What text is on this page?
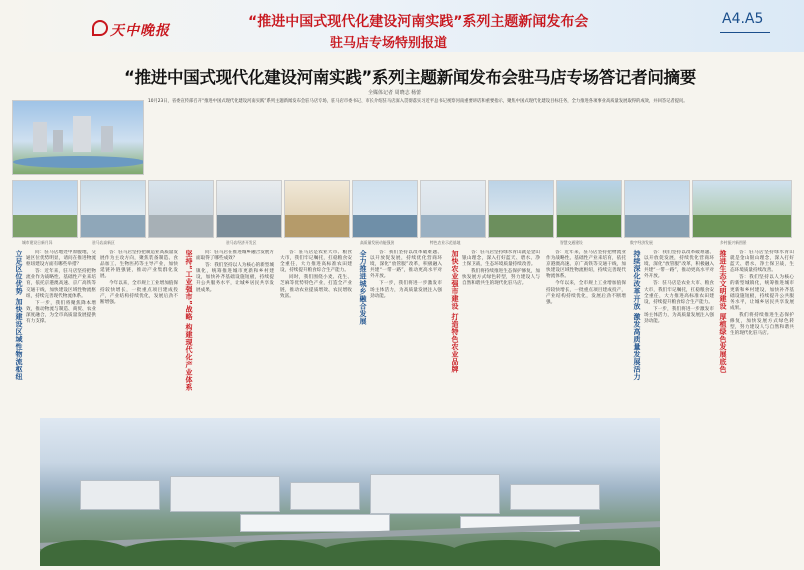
天中晚报
“推进中国式现代化建设河南实践”系列主题新闻发布会
驻马店专场特别报道
A4.A5
“推进中国式现代化建设河南实践”系列主题新闻发布会驻马店专场答记者问摘要
全媒体记者 周晓志 杨蕾
10月23日，省委宣传部召开“推进中国式现代化建设河南实践”系列主题新闻发布会驻马店专场，驻马店市委书记、市长介绍驻马店深入贯彻落实习近平总书记视察河南重要讲话和重要指示，聚焦中国式现代化建设目标任务，全力推进各项事业高质量发展取得的成效，并回答记者提问。
城市建设日新月异	驻马店高新区	驻马店经济开发区	高质量发展动能强劲	特色农业示范基地	智慧交通建设	数字经济发展	乡村振兴新图景
立足区位优势 加快建设区域性物流枢纽	问：驻马店地处中原腹地，交通区位优势明显，请问在推进物流枢纽建设方面有哪些举措？

答：近年来，驻马店坚持把物流业作为战略性、基础性产业来培育，依托京港澳高速、京广高铁等交通干线，加快建设区域性物流枢纽，持续完善现代物流体系。

下一步，我们将聚焦降本增效，推动物流与制造、商贸、农业深度融合，为全市高质量发展提供有力支撑。

答：驻马店坚持把制造业高质量发展作为主攻方向，聚焦装备制造、食品加工、生物医药等主导产业，加快延链补链强链，推动产业集群化发展。

今年以来，全市规上工业增加值保持较快增长，一批重点项目建成投产，产业结构持续优化，发展后劲不断增强。	坚持“工业强市”战略 构建现代化产业体系	问：驻马店在推进城乡融合发展方面取得了哪些成效？

答：我们坚持以人为核心的新型城镇化，统筹推进城市更新和乡村建设，加快补齐基础设施短板，持续提升公共服务水平，让城乡居民共享发展成果。

答：驻马店是农业大市、粮食大市，我们牢记嘱托，扛稳粮食安全重任，大力推进高标准农田建设，持续提升粮食综合生产能力。

同时，我们围绕小麦、花生、芝麻等优势特色产业，打造全产业链，推动农业提质增效、农民增收致富。	全力推进城乡融合发展	答：我们坚持以改革破难题、以开放促发展，持续优化营商环境，深化“放管服”改革，积极融入共建“一带一路”，推动更高水平对外开放。

下一步，我们将进一步激发市场主体活力，为高质量发展注入强劲动能。	加快农业强市建设 打造特色农业品牌	答：驻马店坚持绿水青山就是金山银山理念，深入打好蓝天、碧水、净土保卫战，生态环境质量持续改善。

我们将持续推进生态保护修复，加快发展方式绿色转型，努力建设人与自然和谐共生的现代化驻马店。

答：近年来，驻马店坚持把物流业作为战略性、基础性产业来培育，依托京港澳高速、京广高铁等交通干线，加快建设区域性物流枢纽，持续完善现代物流体系。

今年以来，全市规上工业增加值保持较快增长，一批重点项目建成投产，产业结构持续优化，发展后劲不断增强。	持续深化改革开放 激发高质量发展活力	答：我们坚持以改革破难题、以开放促发展，持续优化营商环境，深化“放管服”改革，积极融入共建“一带一路”，推动更高水平对外开放。

答：驻马店是农业大市、粮食大市，我们牢记嘱托，扛稳粮食安全重任，大力推进高标准农田建设，持续提升粮食综合生产能力。

下一步，我们将进一步激发市场主体活力，为高质量发展注入强劲动能。	推进生态文明建设 厚植绿色发展底色	答：驻马店坚持绿水青山就是金山银山理念，深入打好蓝天、碧水、净土保卫战，生态环境质量持续改善。

答：我们坚持以人为核心的新型城镇化，统筹推进城市更新和乡村建设，加快补齐基础设施短板，持续提升公共服务水平，让城乡居民共享发展成果。

我们将持续推进生态保护修复，加快发展方式绿色转型，努力建设人与自然和谐共生的现代化驻马店。
